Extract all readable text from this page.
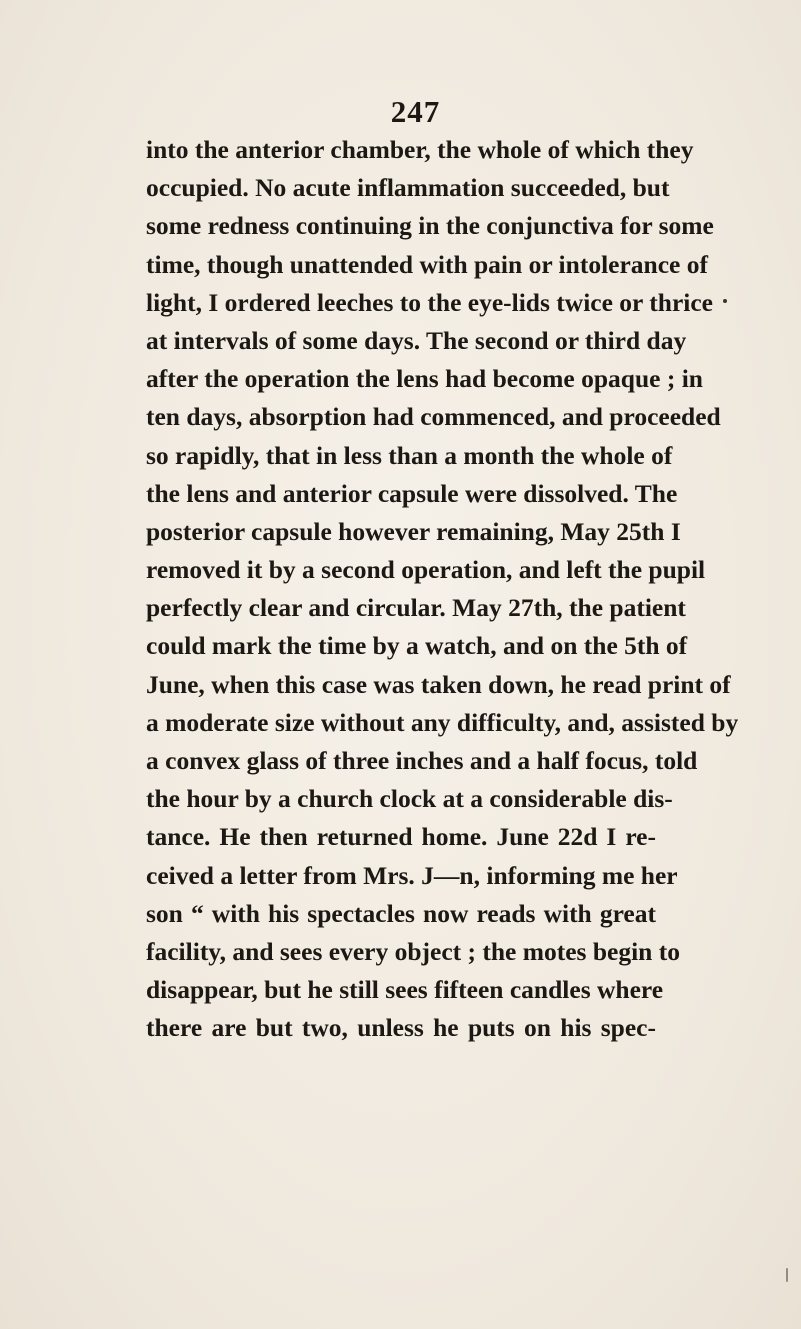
247
into the anterior chamber, the whole of which they
occupied. No acute inflammation succeeded, but
some redness continuing in the conjunctiva for some
time, though unattended with pain or intolerance of
light, I ordered leeches to the eye-lids twice or thrice
at intervals of some days. The second or third day
after the operation the lens had become opaque ; in
ten days, absorption had commenced, and proceeded
so rapidly, that in less than a month the whole of
the lens and anterior capsule were dissolved. The
posterior capsule however remaining, May 25th I
removed it by a second operation, and left the pupil
perfectly clear and circular. May 27th, the patient
could mark the time by a watch, and on the 5th of
June, when this case was taken down, he read print of
a moderate size without any difficulty, and, assisted by
a convex glass of three inches and a half focus, told
the hour by a church clock at a considerable dis-
tance. He then returned home. June 22d I re-
ceived a letter from Mrs. J—n, informing me her
son “ with his spectacles now reads with great
facility, and sees every object ; the motes begin to
disappear, but he still sees fifteen candles where
there are but two, unless he puts on his spec-
